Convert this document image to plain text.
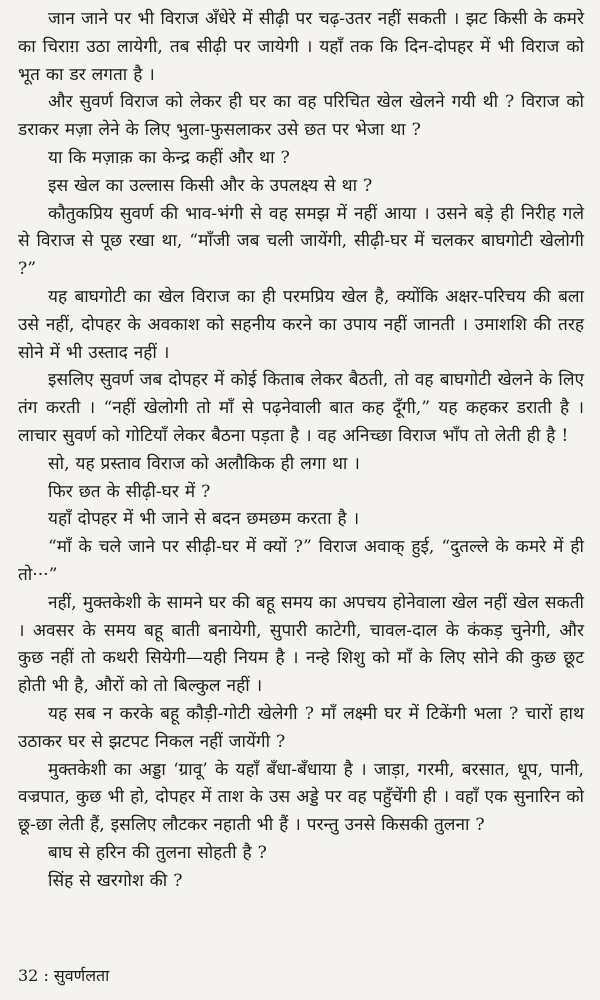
जान जाने पर भी विराज अँधेरे में सीढ़ी पर चढ़-उतर नहीं सकती । झट किसी के कमरे का चिराग़ उठा लायेगी, तब सीढ़ी पर जायेगी । यहाँ तक कि दिन-दोपहर में भी विराज को भूत का डर लगता है ।

और सुवर्ण विराज को लेकर ही घर का वह परिचित खेल खेलने गयी थी ? विराज को डराकर मज़ा लेने के लिए भुला-फुसलाकर उसे छत पर भेजा था ?

या कि मज़ाक़ का केन्द्र कहीं और था ?

इस खेल का उल्लास किसी और के उपलक्ष्य से था ?

कौतुकप्रिय सुवर्ण की भाव-भंगी से वह समझ में नहीं आया । उसने बड़े ही निरीह गले से विराज से पूछ रखा था, “माँजी जब चली जायेंगी, सीढ़ी-घर में चलकर बाघगोटी खेलोगी ?”

यह बाघगोटी का खेल विराज का ही परमप्रिय खेल है, क्योंकि अक्षर-परिचय की बला उसे नहीं, दोपहर के अवकाश को सहनीय करने का उपाय नहीं जानती । उमाशशि की तरह सोने में भी उस्ताद नहीं ।

इसलिए सुवर्ण जब दोपहर में कोई किताब लेकर बैठती, तो वह बाघगोटी खेलने के लिए तंग करती । “नहीं खेलोगी तो माँ से पढ़नेवाली बात कह दूँगी,” यह कहकर डराती है । लाचार सुवर्ण को गोटियाँ लेकर बैठना पड़ता है । वह अनिच्छा विराज भाँप तो लेती ही है !

सो, यह प्रस्ताव विराज को अलौकिक ही लगा था ।

फिर छत के सीढ़ी-घर में ?

यहाँ दोपहर में भी जाने से बदन छमछम करता है ।

“माँ के चले जाने पर सीढ़ी-घर में क्यों ?” विराज अवाक् हुई, “दुतल्ले के कमरे में ही तो···”

नहीं, मुक्तकेशी के सामने घर की बहू समय का अपचय होनेवाला खेल नहीं खेल सकती । अवसर के समय बहू बाती बनायेगी, सुपारी काटेगी, चावल-दाल के कंकड़ चुनेगी, और कुछ नहीं तो कथरी सियेगी—यही नियम है । नन्हे शिशु को माँ के लिए सोने की कुछ छूट होती भी है, औरों को तो बिल्कुल नहीं ।

यह सब न करके बहू कौड़ी-गोटी खेलेगी ? माँ लक्ष्मी घर में टिकेंगी भला ? चारों हाथ उठाकर घर से झटपट निकल नहीं जायेंगी ?

मुक्तकेशी का अड्डा ‘ग्रावू’ के यहाँ बँधा-बँधाया है । जाड़ा, गरमी, बरसात, धूप, पानी, वज्रपात, कुछ भी हो, दोपहर में ताश के उस अड्डे पर वह पहुँचेंगी ही । वहाँ एक सुनारिन को छू-छा लेती हैं, इसलिए लौटकर नहाती भी हैं । परन्तु उनसे किसकी तुलना ?

बाघ से हरिन की तुलना सोहती है ?

सिंह से खरगोश की ?

32 : सुवर्णलता
